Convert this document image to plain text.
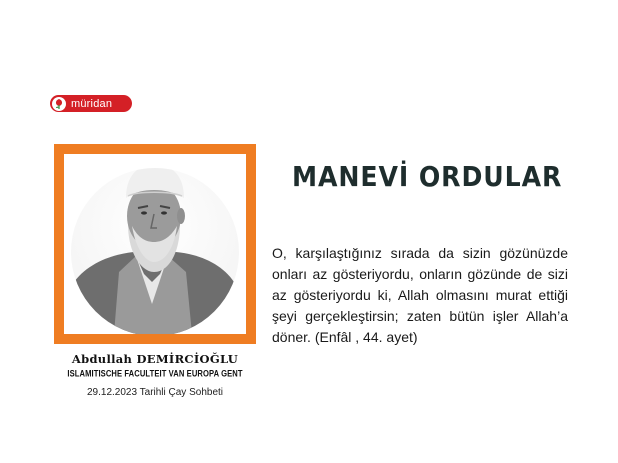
müridan
Abdullah DEMİRCİOĞLU
ISLAMITISCHE FACULTEIT VAN EUROPA GENT
29.12.2023 Tarihli Çay Sohbeti
MANEVİ ORDULAR
O, karşılaştığınız sırada da sizin gözünüzde onları az gösteriyordu, onların gözünde de sizi az gösteriyordu ki, Allah olmasını murat ettiği şeyi gerçekleştirsin; zaten bütün işler Allah’a döner. (Enfâl , 44. ayet)
